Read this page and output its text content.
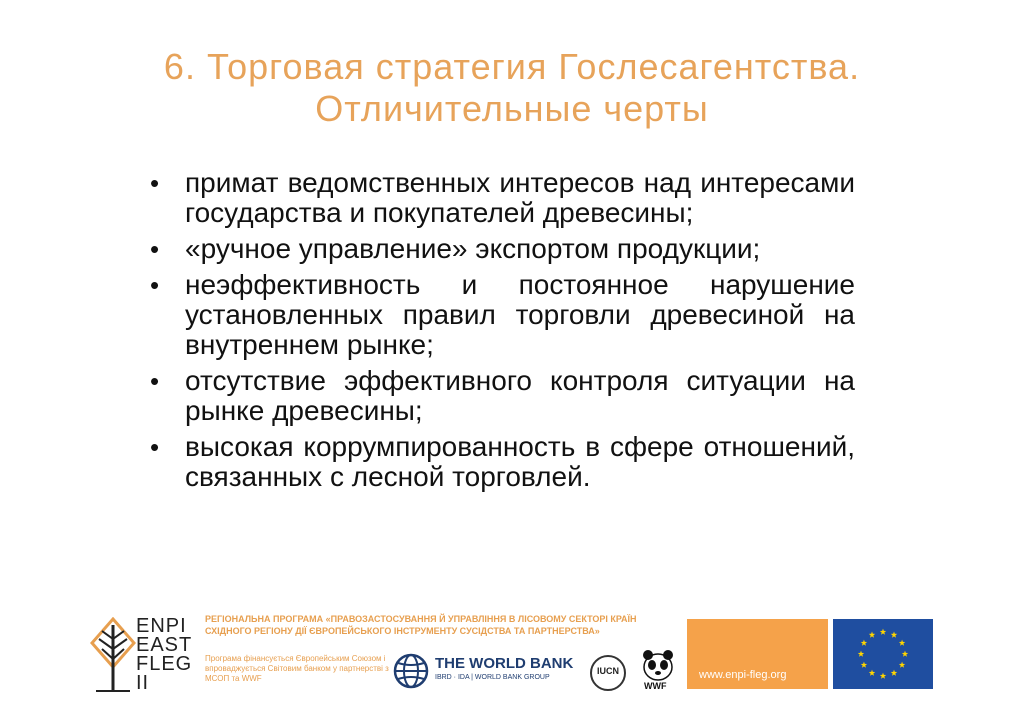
6. Торговая стратегия Гослесагентства.
Отличительные черты
• примат ведомственных интересов над интересами государства и покупателей древесины;
• «ручное управление» экспортом продукции;
• неэффективность и постоянное нарушение установленных правил торговли древесиной на внутреннем рынке;
• отсутствие эффективного контроля ситуации на рынке древесины;
• высокая коррумпированность в сфере отношений, связанных с лесной торговлей.
ENPI
EAST
FLEG
II
РЕГІОНАЛЬНА ПРОГРАМА «ПРАВОЗАСТОСУВАННЯ Й УПРАВЛІННЯ В ЛІСОВОМУ СЕКТОРІ КРАЇН СХІДНОГО РЕГІОНУ ДІЇ ЄВРОПЕЙСЬКОГО ІНСТРУМЕНТУ СУСІДСТВА ТА ПАРТНЕРСТВА»
Програма фінансується Європейським Союзом і впроваджується Світовим банком у партнерстві з МСОП та WWF
THE WORLD BANK
IBRD · IDA | WORLD BANK GROUP
IUCN
WWF
www.enpi-fleg.org
